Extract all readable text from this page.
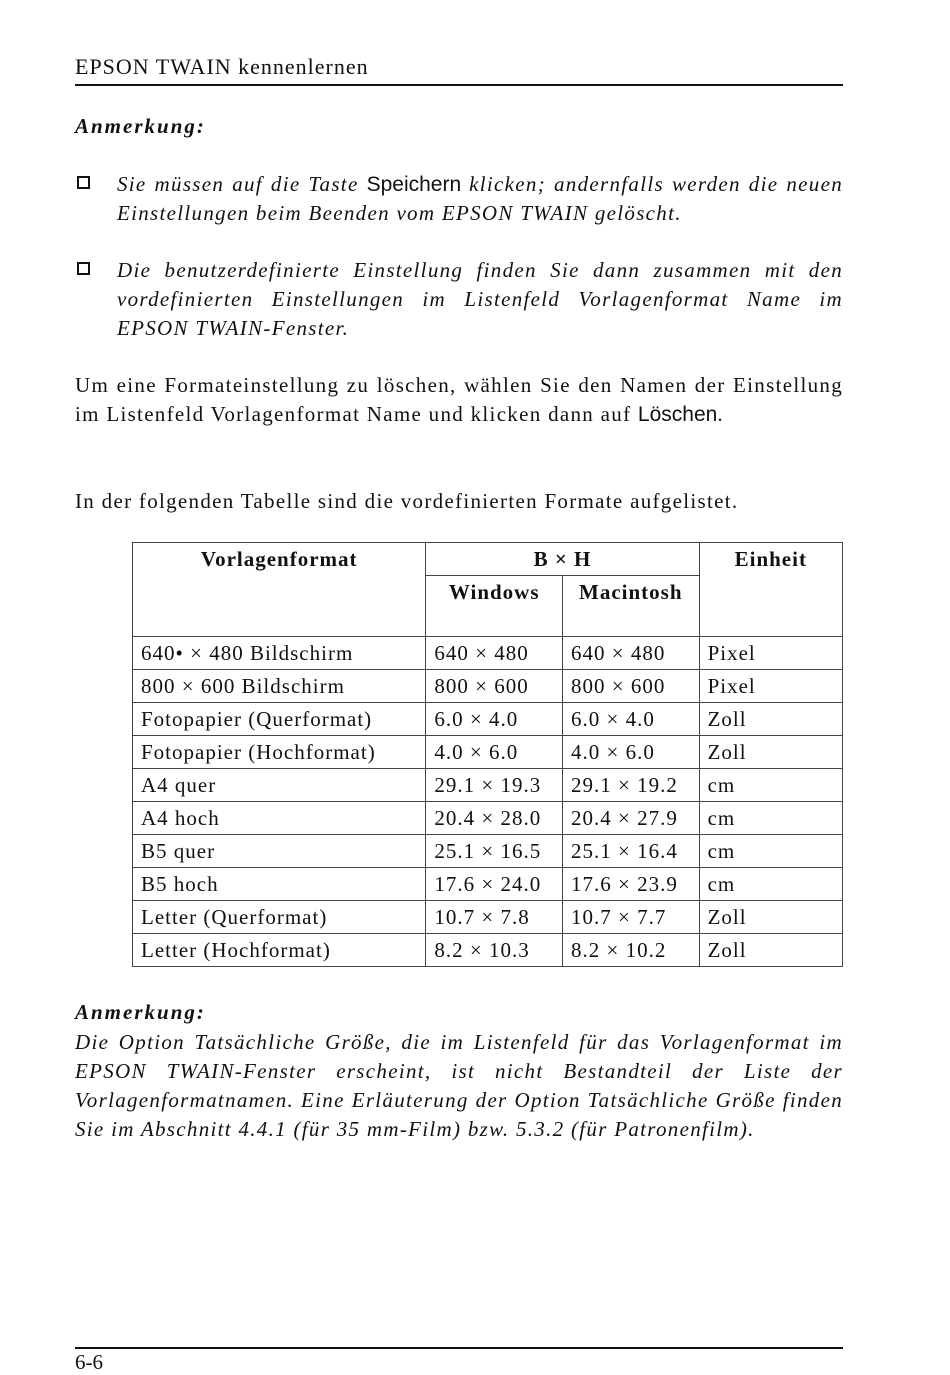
EPSON TWAIN kennenlernen
Anmerkung:
Sie müssen auf die Taste Speichern klicken; andernfalls werden die neuen Einstellungen beim Beenden vom EPSON TWAIN gelöscht.
Die benutzerdefinierte Einstellung finden Sie dann zusammen mit den vordefinierten Einstellungen im Listenfeld Vorlagenformat Name im EPSON TWAIN-Fenster.
Um eine Formateinstellung zu löschen, wählen Sie den Namen der Einstellung im Listenfeld Vorlagenformat Name und klicken dann auf Löschen.
In der folgenden Tabelle sind die vordefinierten Formate aufgelistet.
Vorlagenformat	B × H		Einheit
	Windows	Macintosh	

640• × 480 Bildschirm	640 × 480	640 × 480	Pixel
800 × 600 Bildschirm	800 × 600	800 × 600	Pixel
Fotopapier (Querformat)	6.0 × 4.0	6.0 × 4.0	Zoll
Fotopapier (Hochformat)	4.0 × 6.0	4.0 × 6.0	Zoll
A4 quer	29.1 × 19.3	29.1 × 19.2	cm
A4 hoch	20.4 × 28.0	20.4 × 27.9	cm
B5 quer	25.1 × 16.5	25.1 × 16.4	cm
B5 hoch	17.6 × 24.0	17.6 × 23.9	cm
Letter (Querformat)	10.7 × 7.8	10.7 × 7.7	Zoll
Letter (Hochformat)	8.2 × 10.3	8.2 × 10.2	Zoll
Anmerkung:
Die Option Tatsächliche Größe, die im Listenfeld für das Vorlagenformat im EPSON TWAIN-Fenster erscheint, ist nicht Bestandteil der Liste der Vorlagenformatnamen. Eine Erläuterung der Option Tatsächliche Größe finden Sie im Abschnitt 4.4.1 (für 35 mm-Film) bzw. 5.3.2 (für Patronenfilm).
6-6
